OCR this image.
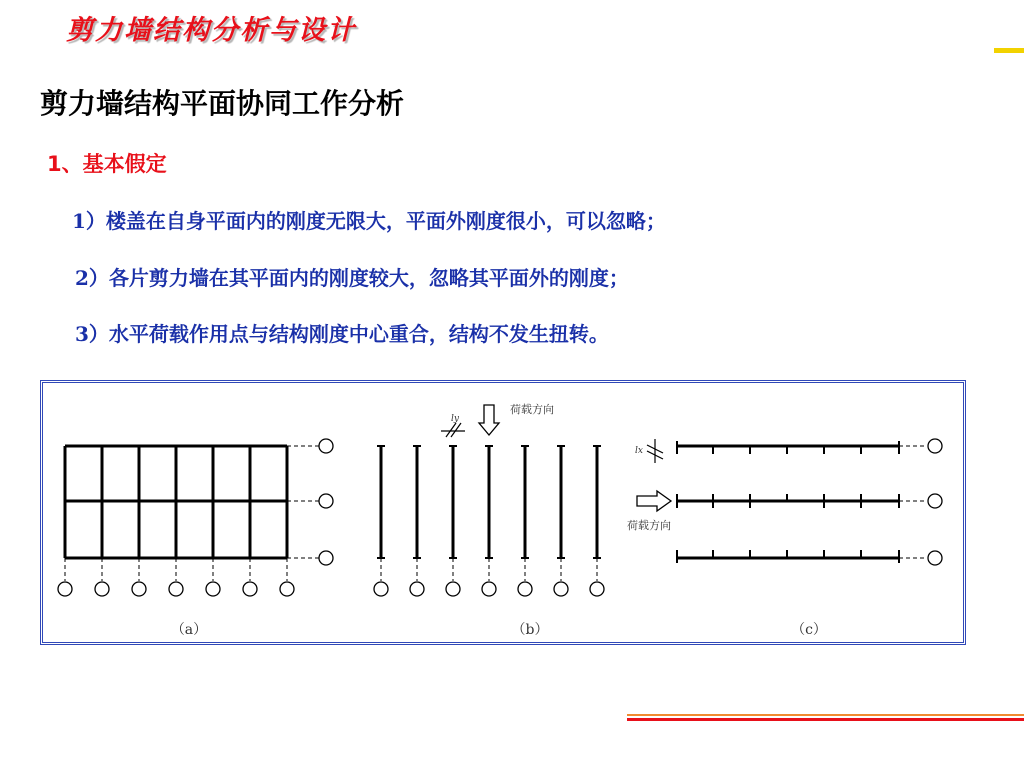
剪力墙结构分析与设计
剪力墙结构平面协同工作分析
1、基本假定
1）楼盖在自身平面内的刚度无限大，平面外刚度很小，可以忽略；
2）各片剪力墙在其平面内的刚度较大，忽略其平面外的刚度；
3）水平荷载作用点与结构刚度中心重合，结构不发生扭转。
（a）
ly
荷载方向
（b）
lx
荷载方向
（c）
